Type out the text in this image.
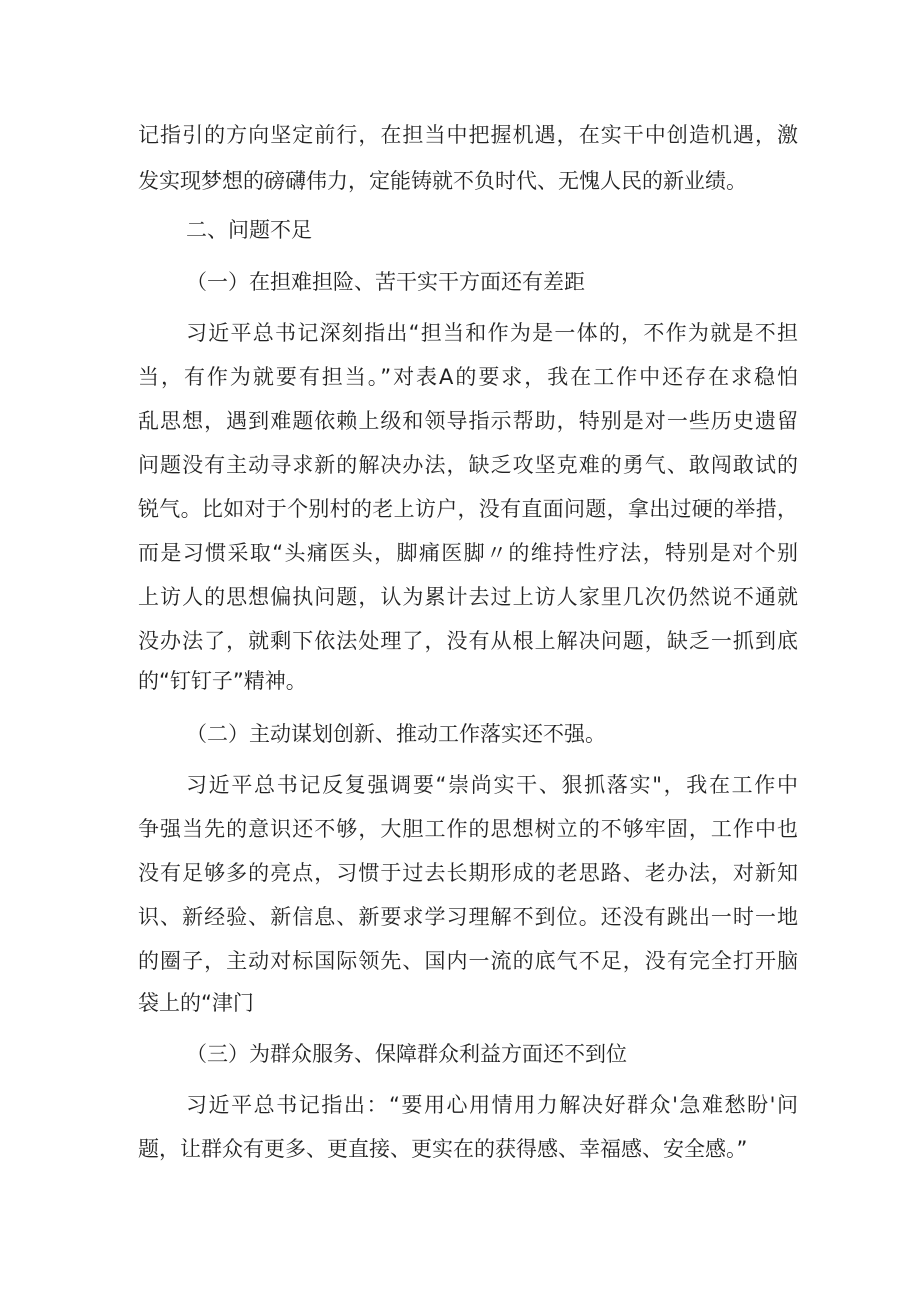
记指引的方向坚定前行，在担当中把握机遇，在实干中创造机遇，激

发实现梦想的磅礴伟力，定能铸就不负时代、无愧人民的新业绩。

二、问题不足

（一）在担难担险、苦干实干方面还有差距

习近平总书记深刻指出“担当和作为是一体的，不作为就是不担

当，有作为就要有担当。”对表A的要求，我在工作中还存在求稳怕

乱思想，遇到难题依赖上级和领导指示帮助，特别是对一些历史遗留

问题没有主动寻求新的解决办法，缺乏攻坚克难的勇气、敢闯敢试的

锐气。比如对于个别村的老上访户，没有直面问题，拿出过硬的举措，

而是习惯采取“头痛医头，脚痛医脚〃的维持性疗法，特别是对个别

上访人的思想偏执问题，认为累计去过上访人家里几次仍然说不通就

没办法了，就剩下依法处理了，没有从根上解决问题，缺乏一抓到底

的“钉钉子”精神。

（二）主动谋划创新、推动工作落实还不强。

习近平总书记反复强调要“崇尚实干、狠抓落实"，我在工作中

争强当先的意识还不够，大胆工作的思想树立的不够牢固，工作中也

没有足够多的亮点，习惯于过去长期形成的老思路、老办法，对新知

识、新经验、新信息、新要求学习理解不到位。还没有跳出一时一地

的圈子，主动对标国际领先、国内一流的底气不足，没有完全打开脑

袋上的“津门

（三）为群众服务、保障群众利益方面还不到位

习近平总书记指出：“要用心用情用力解决好群众'急难愁盼'问

题，让群众有更多、更直接、更实在的获得感、幸福感、安全感。”
